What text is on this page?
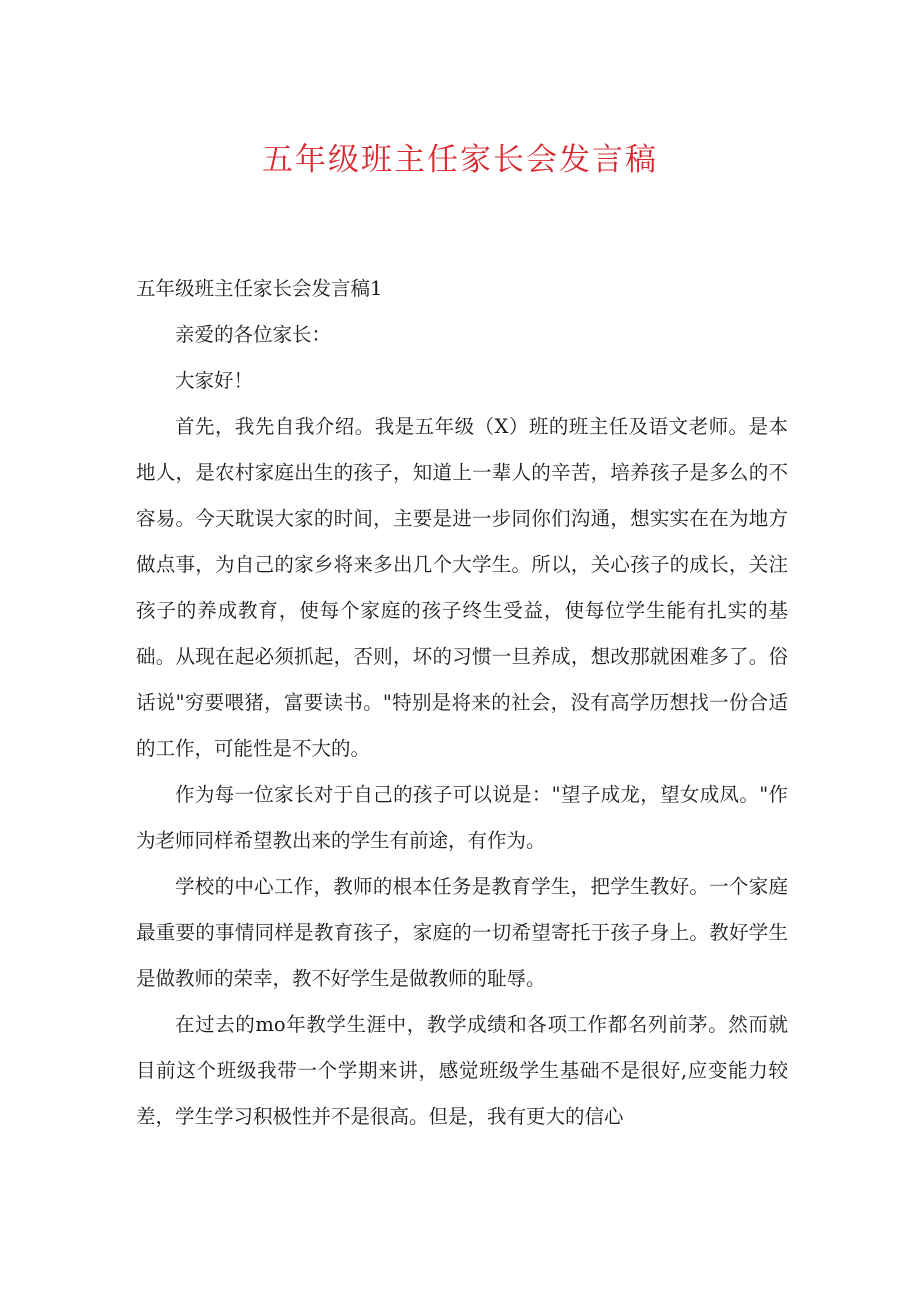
五年级班主任家长会发言稿

五年级班主任家长会发言稿1

亲爱的各位家长：

大家好！

首先，我先自我介绍。我是五年级（X）班的班主任及语文老师。是本地人，是农村家庭出生的孩子，知道上一辈人的辛苦，培养孩子是多么的不容易。今天耽误大家的时间，主要是进一步同你们沟通，想实实在在为地方做点事，为自己的家乡将来多出几个大学生。所以，关心孩子的成长，关注孩子的养成教育，使每个家庭的孩子终生受益，使每位学生能有扎实的基础。从现在起必须抓起，否则，坏的习惯一旦养成，想改那就困难多了。俗话说"穷要喂猪，富要读书。"特别是将来的社会，没有高学历想找一份合适的工作，可能性是不大的。

作为每一位家长对于自己的孩子可以说是："望子成龙，望女成凤。"作为老师同样希望教出来的学生有前途，有作为。

学校的中心工作，教师的根本任务是教育学生，把学生教好。一个家庭最重要的事情同样是教育孩子，家庭的一切希望寄托于孩子身上。教好学生是做教师的荣幸，教不好学生是做教师的耻辱。

在过去的mo年教学生涯中，教学成绩和各项工作都名列前茅。然而就目前这个班级我带一个学期来讲，感觉班级学生基础不是很好,应变能力较差，学生学习积极性并不是很高。但是，我有更大的信心
